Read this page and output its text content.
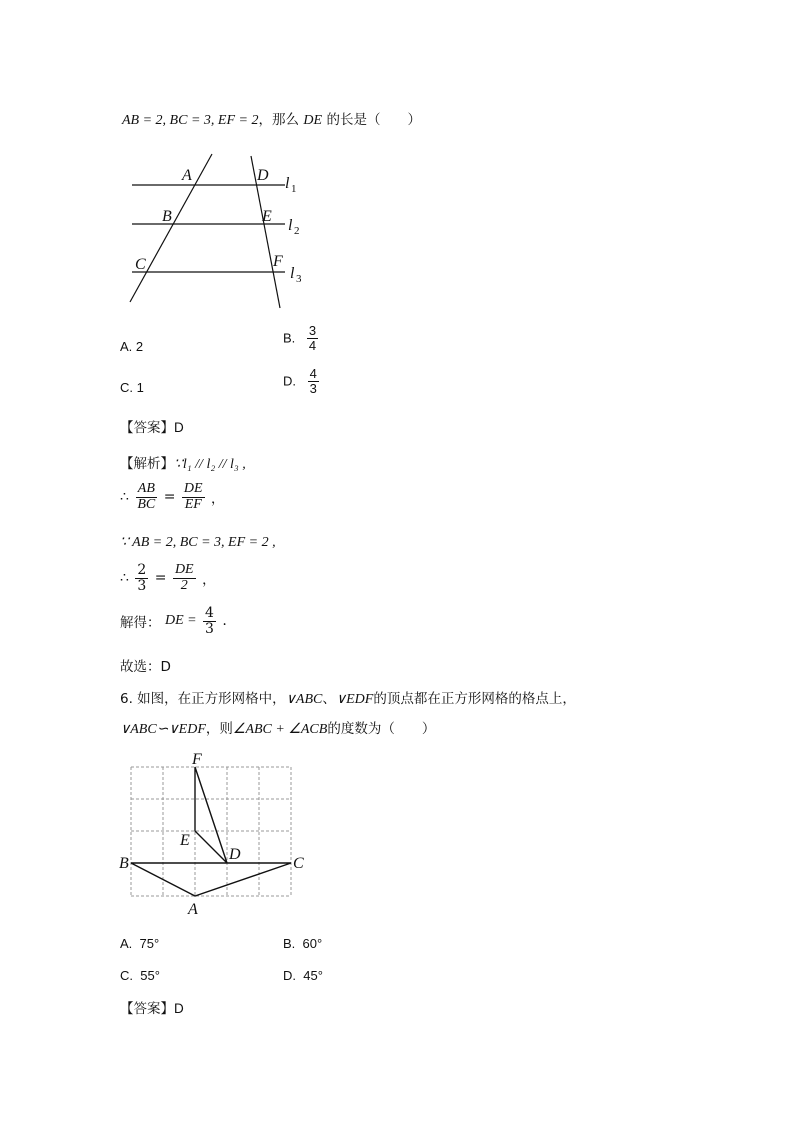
AB = 2, BC = 3, EF = 2，那么 DE 的长是（　　）
A
B
C
D
E
F
l 1
l 2
l 3
A. 2
B. $\frac{3}{4}$
C. 1	D. $\frac{4}{3}$
【答案】D
【解析】∵l₁ // l₂ // l₃ ,
∴ $\frac{AB}{BC} = \frac{DE}{EF}$ ，
∵ AB = 2, BC = 3, EF = 2 ,
∴ $\frac{2}{3} = \frac{DE}{2}$ ，
解得： DE = $\frac{4}{3}$ .
故选：D
6. 如图，在正方形网格中，∨ABC、∨EDF的顶点都在正方形网格的格点上，
∨ABC∽∨EDF，则∠ABC + ∠ACB的度数为（　　）
B	C
A
D
E
F
A. 75°	B. 60°
C. 55°	D. 45°
【答案】D
